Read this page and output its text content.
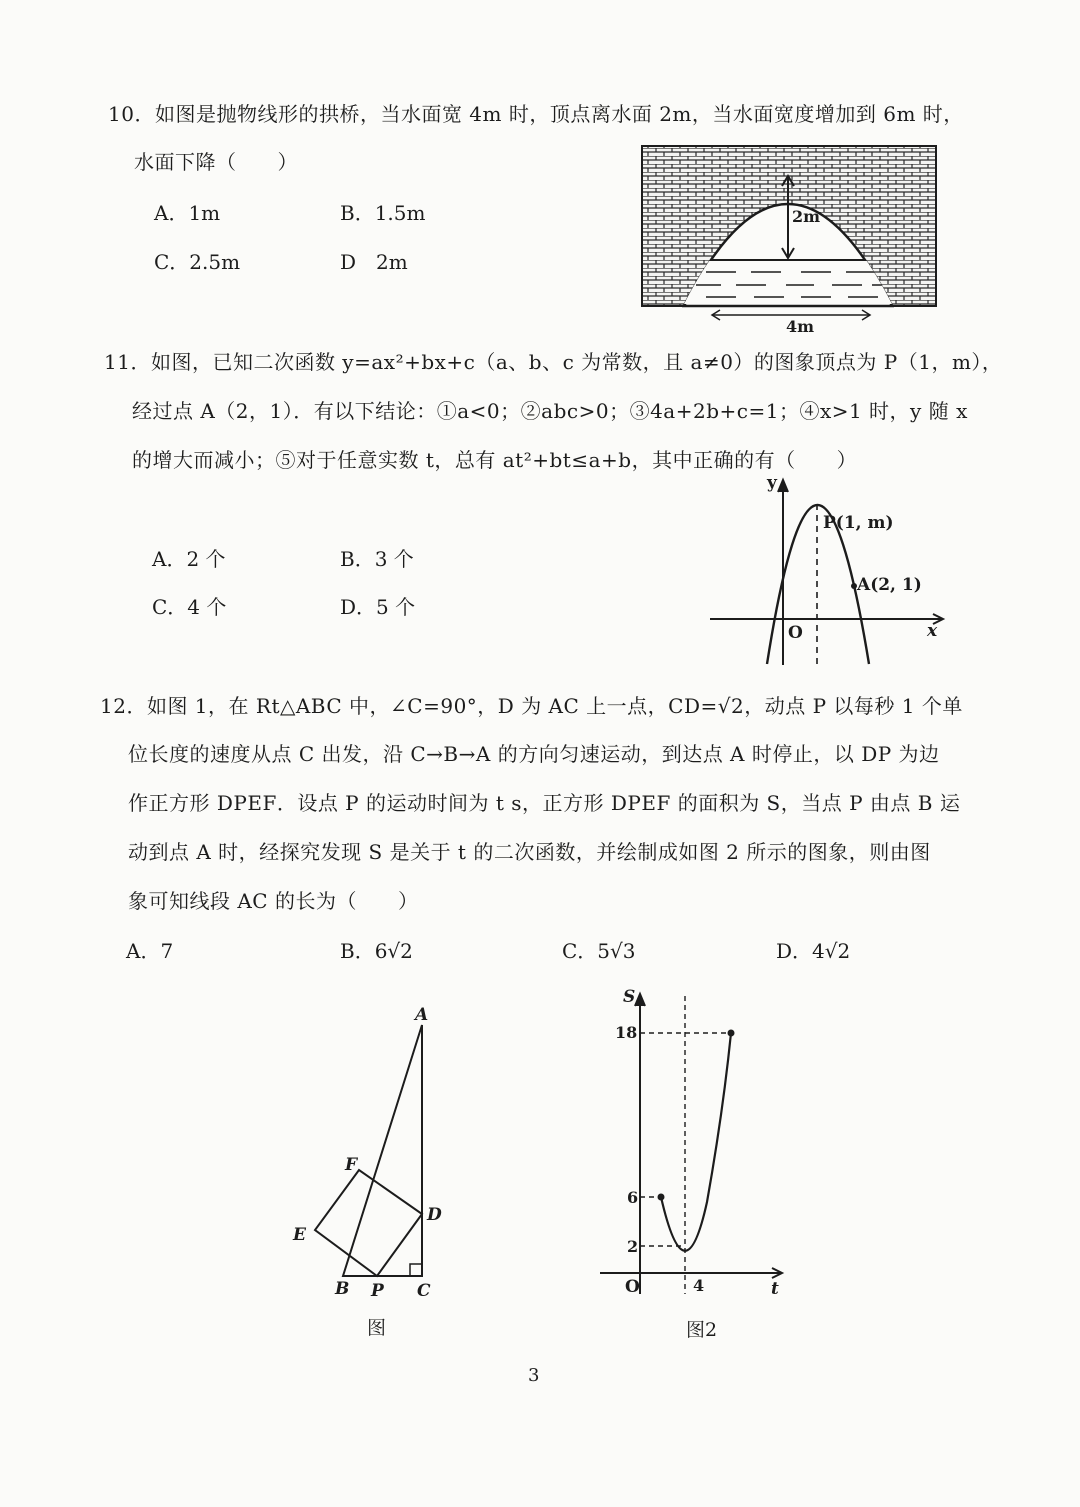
10．如图是抛物线形的拱桥，当水面宽 4m 时，顶点离水面 2m，当水面宽度增加到 6m 时，
水面下降（　　）
A．1m	B．1.5m
C．2.5m	D　2m
2m
4m
11．如图，已知二次函数 y=ax²+bx+c（a、b、c 为常数，且 a≠0）的图象顶点为 P（1，m），
经过点 A（2，1）．有以下结论：①a<0；②abc>0；③4a+2b+c=1；④x>1 时，y 随 x
的增大而减小；⑤对于任意实数 t，总有 at²+bt≤a+b，其中正确的有（　　）
A．2 个	B．3 个
C．4 个	D．5 个
y
x
O
P(1, m)
A(2, 1)
12．如图 1，在 Rt△ABC 中，∠C=90°，D 为 AC 上一点，CD=√2，动点 P 以每秒 1 个单
位长度的速度从点 C 出发，沿 C→B→A 的方向匀速运动，到达点 A 时停止，以 DP 为边
作正方形 DPEF．设点 P 的运动时间为 t s，正方形 DPEF 的面积为 S，当点 P 由点 B 运
动到点 A 时，经探究发现 S 是关于 t 的二次函数，并绘制成如图 2 所示的图象，则由图
象可知线段 AC 的长为（　　）
A．7	B．6√2	C．5√3	D．4√2
A
F
D
E
B P C
图
S
t
O
18
6
2
4
图2
3
